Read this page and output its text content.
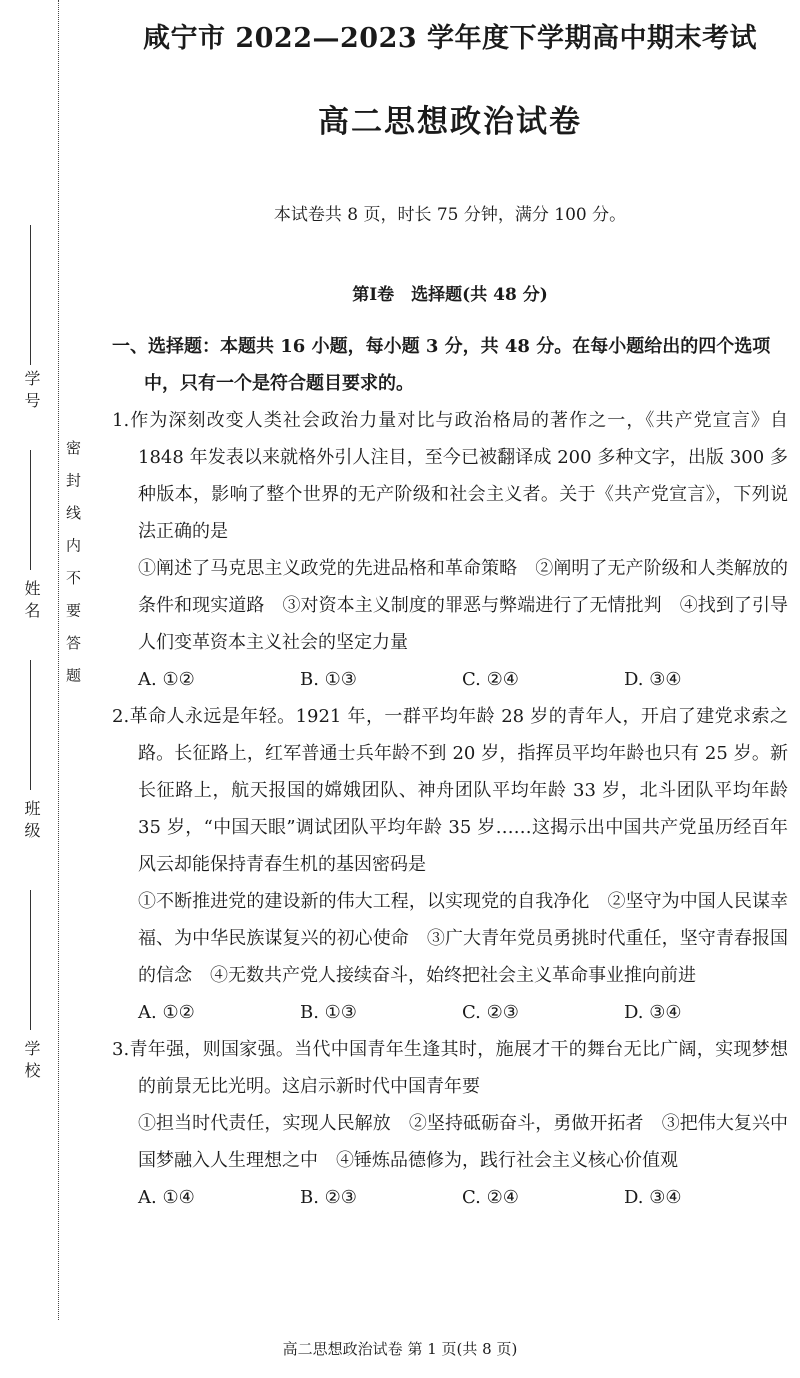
学号
姓名
班级
学校
密封线内不要答题
咸宁市 2022—2023 学年度下学期高中期末考试
高二思想政治试卷
本试卷共 8 页，时长 75 分钟，满分 100 分。
第Ⅰ卷　选择题(共 48 分)
一、选择题：本题共 16 小题，每小题 3 分，共 48 分。在每小题给出的四个选项中，只有一个是符合题目要求的。
1.作为深刻改变人类社会政治力量对比与政治格局的著作之一，《共产党宣言》自 1848 年发表以来就格外引人注目，至今已被翻译成 200 多种文字，出版 300 多种版本，影响了整个世界的无产阶级和社会主义者。关于《共产党宣言》，下列说法正确的是
①阐述了马克思主义政党的先进品格和革命策略　 ②阐明了无产阶级和人类解放的条件和现实道路　 ③对资本主义制度的罪恶与弊端进行了无情批判　 ④找到了引导人们变革资本主义社会的坚定力量
A. ①②	B. ①③	C. ②④	D. ③④
2.革命人永远是年轻。1921 年，一群平均年龄 28 岁的青年人，开启了建党求索之路。长征路上，红军普通士兵年龄不到 20 岁，指挥员平均年龄也只有 25 岁。新长征路上，航天报国的嫦娥团队、神舟团队平均年龄 33 岁，北斗团队平均年龄 35 岁，“中国天眼”调试团队平均年龄 35 岁……这揭示出中国共产党虽历经百年风云却能保持青春生机的基因密码是
①不断推进党的建设新的伟大工程，以实现党的自我净化　 ②坚守为中国人民谋幸福、为中华民族谋复兴的初心使命　 ③广大青年党员勇挑时代重任，坚守青春报国的信念　 ④无数共产党人接续奋斗，始终把社会主义革命事业推向前进
A. ①②	B. ①③	C. ②③	D. ③④
3.青年强，则国家强。当代中国青年生逢其时，施展才干的舞台无比广阔，实现梦想的前景无比光明。这启示新时代中国青年要
①担当时代责任，实现人民解放　 ②坚持砥砺奋斗，勇做开拓者　 ③把伟大复兴中国梦融入人生理想之中　 ④锤炼品德修为，践行社会主义核心价值观
A. ①④	B. ②③	C. ②④	D. ③④
高二思想政治试卷 第 1 页(共 8 页)
